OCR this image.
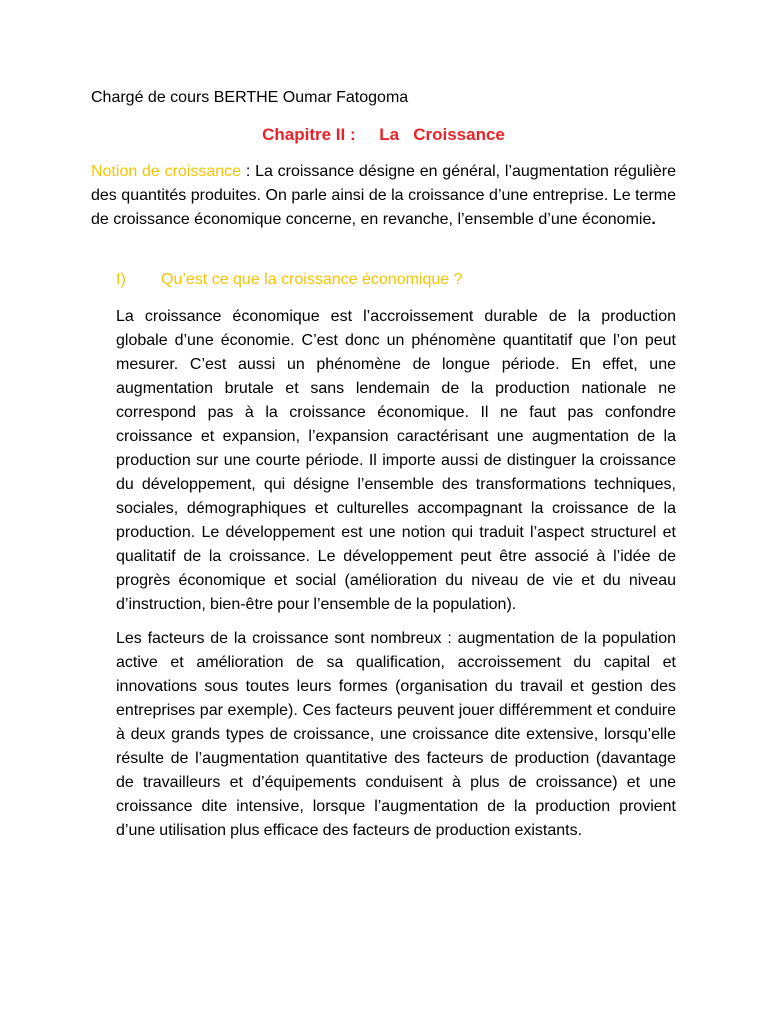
Chargé de cours BERTHE Oumar Fatogoma
Chapitre II :     La   Croissance
Notion de croissance : La croissance désigne en général, l’augmentation régulière des quantités produites. On parle ainsi de la croissance d’une entreprise. Le terme de croissance économique concerne, en revanche, l’ensemble d’une économie.
I) Qu’est ce que la croissance économique ?
La croissance économique est l’accroissement durable de la production globale d’une économie. C’est donc un phénomène quantitatif que l’on peut mesurer. C’est aussi un phénomène de longue période. En effet, une augmentation brutale et sans lendemain de la production nationale ne correspond pas à la croissance économique. Il ne faut pas confondre croissance et expansion, l’expansion caractérisant une augmentation de la production sur une courte période. Il importe aussi de distinguer la croissance du développement, qui désigne l’ensemble des transformations techniques, sociales, démographiques et culturelles accompagnant la croissance de la production. Le développement est une notion qui traduit l’aspect structurel et qualitatif de la croissance. Le développement peut être associé à l’idée de progrès économique et social (amélioration du niveau de vie et du niveau d’instruction, bien-être pour l’ensemble de la population).
Les facteurs de la croissance sont nombreux : augmentation de la population active et amélioration de sa qualification, accroissement du capital et innovations sous toutes leurs formes (organisation du travail et gestion des entreprises par exemple). Ces facteurs peuvent jouer différemment et conduire à deux grands types de croissance, une croissance dite extensive, lorsqu’elle résulte de l’augmentation quantitative des facteurs de production (davantage de travailleurs et d’équipements conduisent à plus de croissance) et une croissance dite intensive, lorsque l’augmentation de la production provient d’une utilisation plus efficace des facteurs de production existants.
